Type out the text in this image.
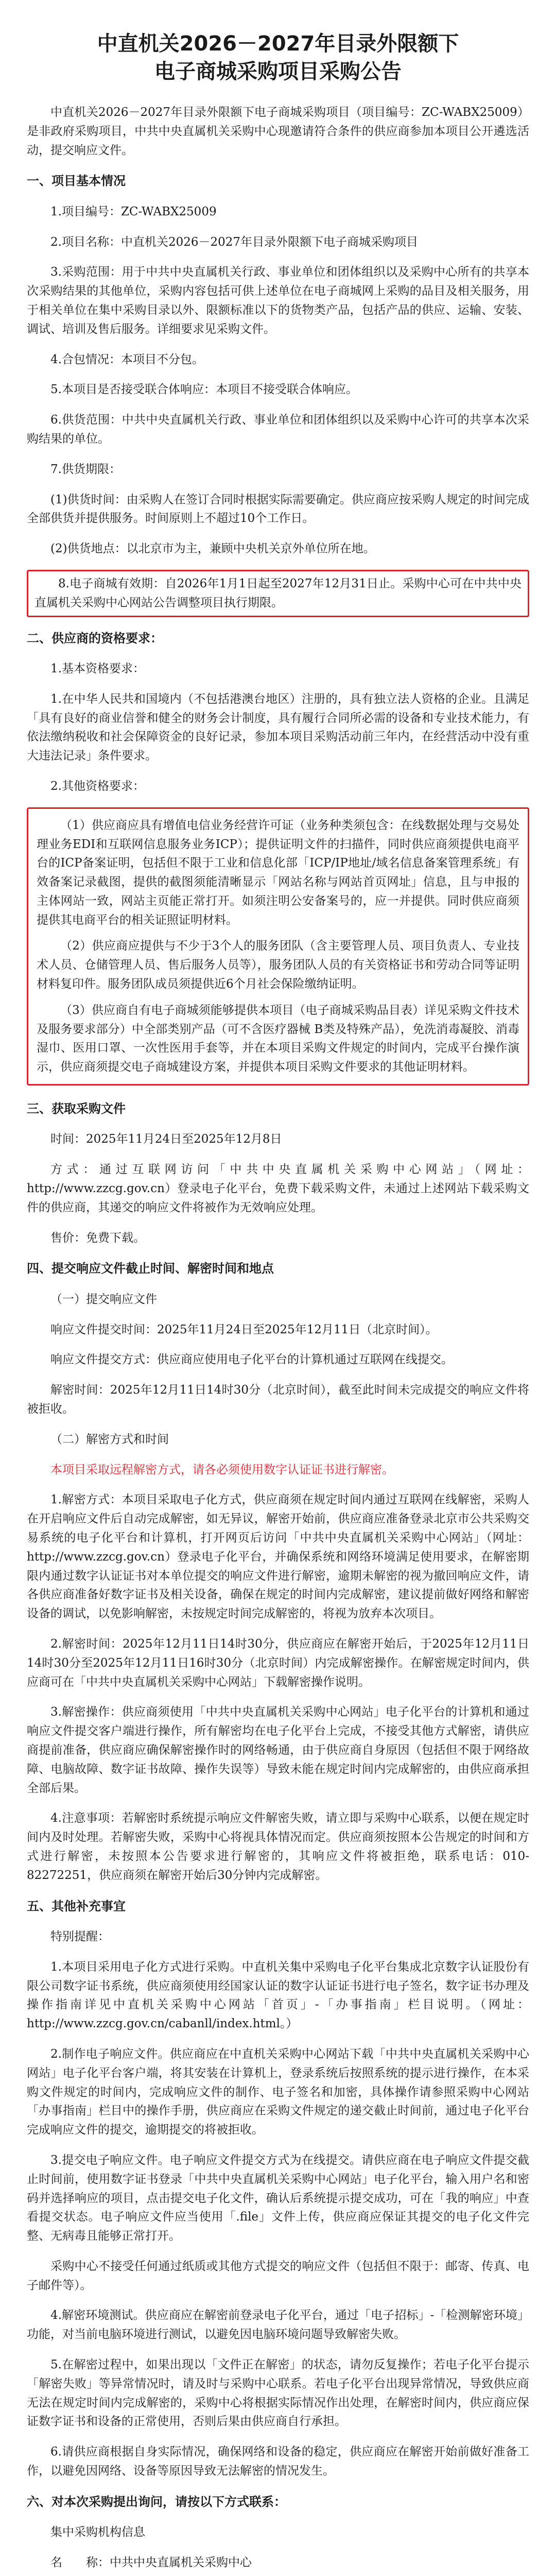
中直机关2026－2027年目录外限额下
电子商城采购项目采购公告

中直机关2026－2027年目录外限额下电子商城采购项目（项目编号：ZC-WABX25009）是非政府采购项目，中共中央直属机关采购中心现邀请符合条件的供应商参加本项目公开遴选活动，提交响应文件。

一、项目基本情况

1.项目编号：ZC-WABX25009

2.项目名称：中直机关2026－2027年目录外限额下电子商城采购项目

3.采购范围：用于中共中央直属机关行政、事业单位和团体组织以及采购中心所有的共享本次采购结果的其他单位，采购内容包括可供上述单位在电子商城网上采购的品目及相关服务，用于相关单位在集中采购目录以外、限额标准以下的货物类产品，包括产品的供应、运输、安装、调试、培训及售后服务。详细要求见采购文件。

4.合包情况：本项目不分包。

5.本项目是否接受联合体响应：本项目不接受联合体响应。

6.供货范围：中共中央直属机关行政、事业单位和团体组织以及采购中心许可的共享本次采购结果的单位。

7.供货期限：

(1)供货时间：由采购人在签订合同时根据实际需要确定。供应商应按采购人规定的时间完成全部供货并提供服务。时间原则上不超过10个工作日。

(2)供货地点：以北京市为主，兼顾中央机关京外单位所在地。

8.电子商城有效期：自2026年1月1日起至2027年12月31日止。采购中心可在中共中央直属机关采购中心网站公告调整项目执行期限。

二、供应商的资格要求：

1.基本资格要求：

1.在中华人民共和国境内（不包括港澳台地区）注册的，具有独立法人资格的企业。且满足「具有良好的商业信誉和健全的财务会计制度，具有履行合同所必需的设备和专业技术能力，有依法缴纳税收和社会保障资金的良好记录，参加本项目采购活动前三年内，在经营活动中没有重大违法记录」条件要求。

2.其他资格要求：

（1）供应商应具有增值电信业务经营许可证（业务种类须包含：在线数据处理与交易处理业务EDI和互联网信息服务业务ICP）；提供证明文件的扫描件，同时供应商须提供电商平台的ICP备案证明，包括但不限于工业和信息化部「ICP/IP地址/域名信息备案管理系统」有效备案记录截图，提供的截图须能清晰显示「网站名称与网站首页网址」信息，且与申报的主体网站一致，网站主页能正常打开。如须注明公安备案号的，应一并提供。同时供应商须提供其电商平台的相关证照证明材料。

（2）供应商应提供与不少于3个人的服务团队（含主要管理人员、项目负责人、专业技术人员、仓储管理人员、售后服务人员等），服务团队人员的有关资格证书和劳动合同等证明材料复印件。服务团队成员须提供近6个月社会保险缴纳证明。

（3）供应商自有电子商城须能够提供本项目（电子商城采购品目表）详见采购文件技术及服务要求部分）中全部类别产品（可不含医疗器械 B类及特殊产品），免洗消毒凝胶、消毒湿巾、医用口罩、一次性医用手套等，并在本项目采购文件规定的时间内，完成平台操作演示，供应商须提交电子商城建设方案，并提供本项目采购文件要求的其他证明材料。

三、获取采购文件

时间：2025年11月24日至2025年12月8日

方式：通过互联网访问「中共中央直属机关采购中心网站」（网址：http://www.zzcg.gov.cn）登录电子化平台，免费下载采购文件，未通过上述网站下载采购文件的供应商，其递交的响应文件将被作为无效响应处理。

售价：免费下载。

四、提交响应文件截止时间、解密时间和地点

（一）提交响应文件

响应文件提交时间：2025年11月24日至2025年12月11日（北京时间）。

响应文件提交方式：供应商应使用电子化平台的计算机通过互联网在线提交。

解密时间：2025年12月11日14时30分（北京时间），截至此时间未完成提交的响应文件将被拒收。

（二）解密方式和时间

本项目采取远程解密方式，请各必须使用数字认证证书进行解密。

1.解密方式：本项目采取电子化方式，供应商须在规定时间内通过互联网在线解密，采购人在开启响应文件后自动完成解密，如无异议，解密开始前，供应商应准备登录北京市公共采购交易系统的电子化平台和计算机，打开网页后访问「中共中央直属机关采购中心网站」（网址：http://www.zzcg.gov.cn）登录电子化平台，并确保系统和网络环境满足使用要求，在解密期限内通过数字认证证书对本单位提交的响应文件进行解密，逾期未解密的视为撤回响应文件，请各供应商准备好数字证书及相关设备，确保在规定的时间内完成解密，建议提前做好网络和解密设备的调试，以免影响解密，未按规定时间完成解密的，将视为放弃本次项目。

2.解密时间：2025年12月11日14时30分，供应商应在解密开始后，于2025年12月11日14时30分至2025年12月11日16时30分（北京时间）内完成解密操作。在解密规定时间内，供应商可在「中共中央直属机关采购中心网站」下载解密操作说明。

3.解密操作：供应商须使用「中共中央直属机关采购中心网站」电子化平台的计算机和通过响应文件提交客户端进行操作，所有解密均在电子化平台上完成，不接受其他方式解密，请供应商提前准备，供应商应确保解密操作时的网络畅通，由于供应商自身原因（包括但不限于网络故障、电脑故障、数字证书故障、操作失误等）导致未能在规定时间内完成解密的，由供应商承担全部后果。

4.注意事项：若解密时系统提示响应文件解密失败，请立即与采购中心联系，以便在规定时间内及时处理。若解密失败，采购中心将视具体情况而定。供应商须按照本公告规定的时间和方式进行解密，未按照本公告要求进行解密的，其响应文件将被拒绝，联系电话：010-82272251，供应商须在解密开始后30分钟内完成解密。

五、其他补充事宜

特别提醒：

1.本项目采用电子化方式进行采购。中直机关集中采购电子化平台集成北京数字认证股份有限公司数字证书系统，供应商须使用经国家认证的数字认证证书进行电子签名，数字证书办理及操作指南详见中直机关采购中心网站「首页」-「办事指南」栏目说明。（网址：http://www.zzcg.gov.cn/cabanll/index.html。）

2.制作电子响应文件。供应商应在中直机关采购中心网站下载「中共中央直属机关采购中心网站」电子化平台客户端，将其安装在计算机上，登录系统后按照系统的提示进行操作，在本采购文件规定的时间内，完成响应文件的制作、电子签名和加密，具体操作请参照采购中心网站「办事指南」栏目中的操作手册，供应商应在采购文件规定的递交截止时间前，通过电子化平台完成响应文件的提交，逾期提交的将被拒收。

3.提交电子响应文件。电子响应文件提交方式为在线提交。请供应商在电子响应文件提交截止时间前，使用数字证书登录「中共中央直属机关采购中心网站」电子化平台，输入用户名和密码并选择响应的项目，点击提交电子化文件，确认后系统提示提交成功，可在「我的响应」中查看提交状态。电子响应文件应当使用「.file」文件上传，供应商应保证其提交的电子化文件完整、无病毒且能够正常打开。

采购中心不接受任何通过纸质或其他方式提交的响应文件（包括但不限于：邮寄、传真、电子邮件等）。

4.解密环境测试。供应商应在解密前登录电子化平台，通过「电子招标」-「检测解密环境」功能，对当前电脑环境进行测试，以避免因电脑环境问题导致解密失败。

5.在解密过程中，如果出现以「文件正在解密」的状态，请勿反复操作；若电子化平台提示「解密失败」等异常情况时，请及时与采购中心联系。若电子化平台出现异常情况，导致供应商无法在规定时间内完成解密的，采购中心将根据实际情况作出处理，在解密时间内，供应商应保证数字证书和设备的正常使用，否则后果由供应商自行承担。

6.请供应商根据自身实际情况，确保网络和设备的稳定，供应商应在解密开始前做好准备工作，以避免因网络、设备等原因导致无法解密的情况发生。

六、对本次采购提出询问，请按以下方式联系：

集中采购机构信息

名　　称：中共中央直属机关采购中心
